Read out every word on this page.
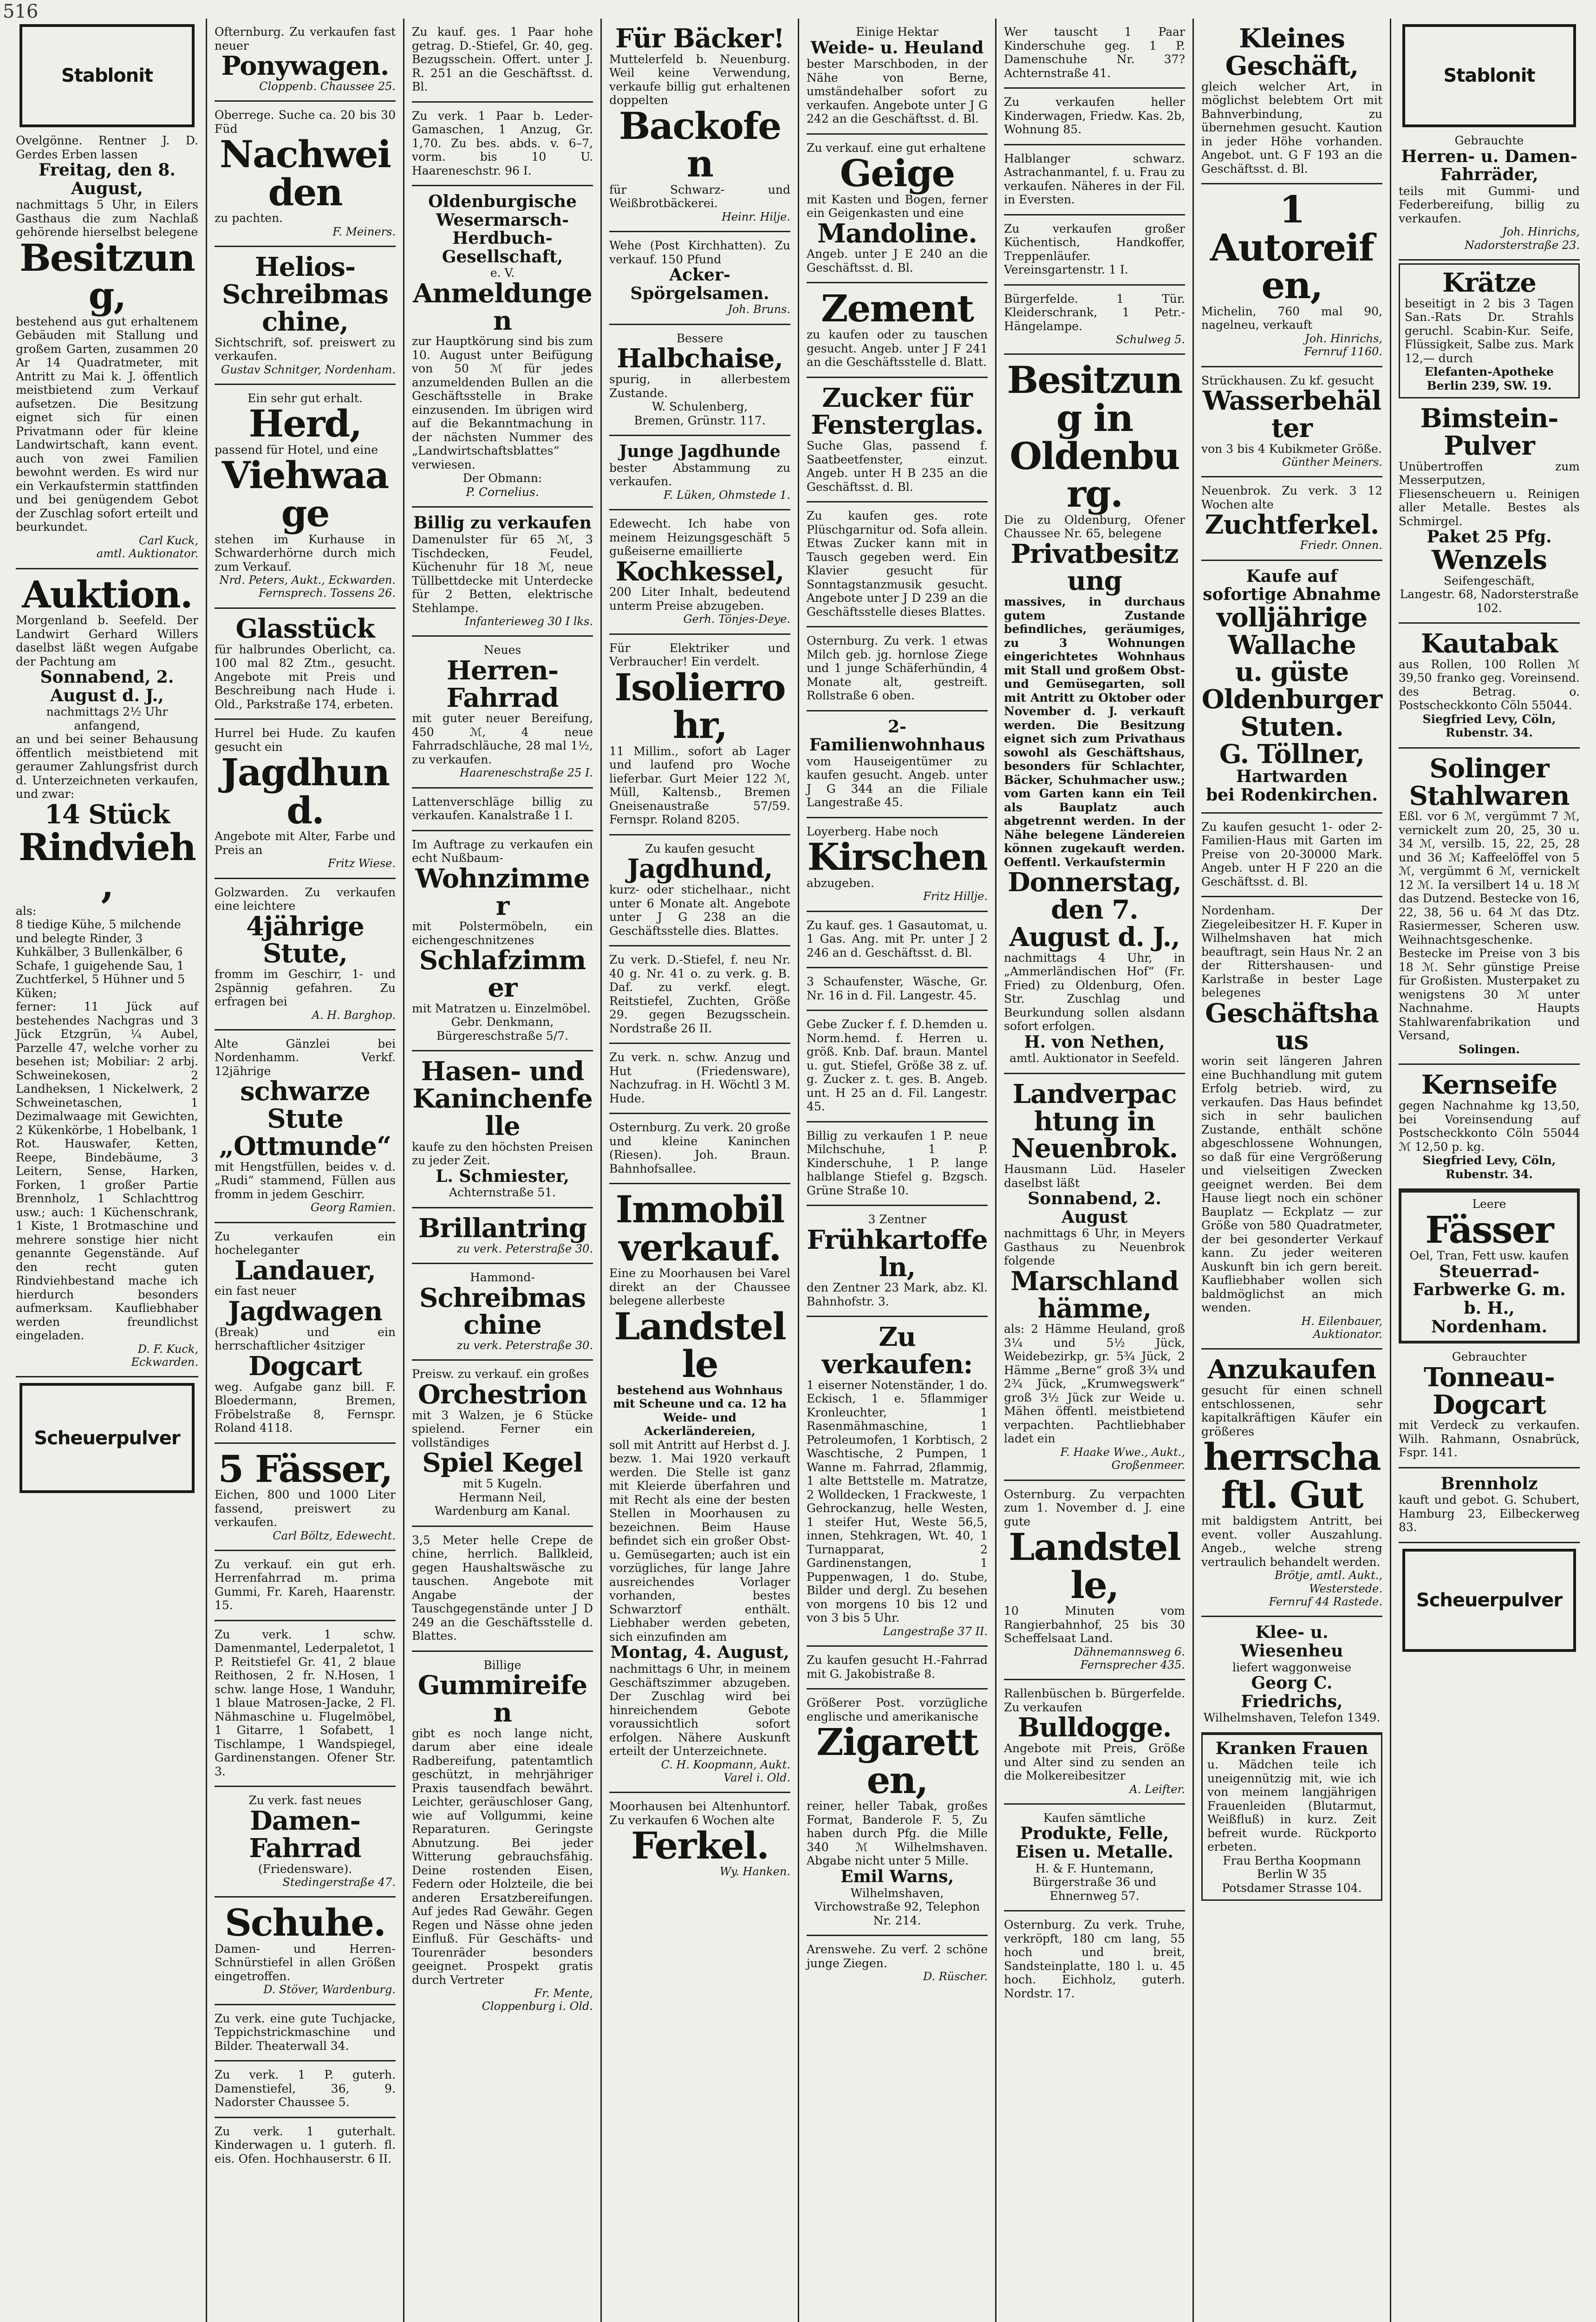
516
Stablonit
Ovelgönne. Rentner J. D. Gerdes Erben lassen
Freitag, den 8. August,
nachmittags 5 Uhr, in Eilers Gasthaus die zum Nachlaß gehörende hierselbst belegene
Besitzung,
bestehend aus gut erhaltenem Gebäuden mit Stallung und großem Garten, zusammen 20 Ar 14 Quadratmeter, mit Antritt zu Mai k. J. öffentlich meistbietend zum Verkauf aufsetzen. Die Besitzung eignet sich für einen Privatmann oder für kleine Landwirtschaft, kann event. auch von zwei Familien bewohnt werden. Es wird nur ein Verkaufstermin stattfinden und bei genügendem Gebot der Zuschlag sofort erteilt und beurkundet.
Carl Kuck,
amtl. Auktionator.
Auktion.
Morgenland b. Seefeld. Der Landwirt Gerhard Willers daselbst läßt wegen Aufgabe der Pachtung am
Sonnabend, 2. August d. J.,
nachmittags 2½ Uhr anfangend,
an und bei seiner Behausung öffentlich meistbietend mit geraumer Zahlungsfrist durch d. Unterzeichneten verkaufen, und zwar:
14 Stück
Rindvieh,
als:
8 tiedige Kühe, 5 milchende und belegte Rinder, 3 Kuhkälber, 3 Bullenkälber, 6 Schafe, 1 guigehende Sau, 1 Zuchtferkel, 5 Hühner und 5 Küken;
ferner: 11 Jück auf bestehendes Nachgras und 3 Jück Etzgrün, ¼ Aubel, Parzelle 47, welche vorher zu besehen ist; Mobiliar: 2 arbj. Schweinekosen, 2 Landheksen, 1 Nickelwerk, 2 Schweinetaschen, 1 Dezimalwaage mit Gewichten, 2 Kükenkörbe, 1 Hobelbank, 1 Rot. Hauswafer, Ketten, Reepe, Bindebäume, 3 Leitern, Sense, Harken, Forken, 1 großer Partie Brennholz, 1 Schlachttrog usw.; auch: 1 Küchenschrank, 1 Kiste, 1 Brotmaschine und mehrere sonstige hier nicht genannte Gegenstände. Auf den recht guten Rindviehbestand mache ich hierdurch besonders aufmerksam. Kaufliebhaber werden freundlichst eingeladen.
D. F. Kuck,
Eckwarden.
Scheuerpulver
Ofternburg. Zu verkaufen fast neuer
Ponywagen.
Cloppenb. Chaussee 25.
Oberrege. Suche ca. 20 bis 30 Füd
Nachweiden
zu pachten.
F. Meiners.
Helios-Schreibmaschine,
Sichtschrift, sof. preiswert zu verkaufen.
Gustav Schnitger, Nordenham.
Ein sehr gut erhalt.
Herd,
passend für Hotel, und eine
Viehwaage
stehen im Kurhause in Schwarderhörne durch mich zum Verkauf.
Nrd. Peters, Aukt., Eckwarden.
Fernsprech. Tossens 26.
Glasstück
für halbrundes Oberlicht, ca. 100 mal 82 Ztm., gesucht. Angebote mit Preis und Beschreibung nach Hude i. Old., Parkstraße 174, erbeten.
Hurrel bei Hude. Zu kaufen gesucht ein
Jagdhund.
Angebote mit Alter, Farbe und Preis an
Fritz Wiese.
Golzwarden. Zu verkaufen eine leichtere
4jährige Stute,
fromm im Geschirr, 1- und 2spännig gefahren. Zu erfragen bei
A. H. Barghop.
Alte Gänzlei bei Nordenhamm. Verkf. 12jährige
schwarze Stute
„Ottmunde“
mit Hengstfüllen, beides v. d. „Rudi“ stammend, Füllen aus fromm in jedem Geschirr.
Georg Ramien.
Zu verkaufen ein hocheleganter
Landauer,
ein fast neuer
Jagdwagen
(Break) und ein herrschaftlicher 4sitziger
Dogcart
weg. Aufgabe ganz bill. F. Bloedermann, Bremen, Fröbelstraße 8, Fernspr. Roland 4118.
5 Fässer,
Eichen, 800 und 1000 Liter fassend, preiswert zu verkaufen.
Carl Böltz, Edewecht.
Zu verkauf. ein gut erh. Herrenfahrrad m. prima Gummi, Fr. Kareh, Haarenstr. 15.
Zu verk. 1 schw. Damenmantel, Lederpaletot, 1 P. Reitstiefel Gr. 41, 2 blaue Reithosen, 2 fr. N.Hosen, 1 schw. lange Hose, 1 Wanduhr, 1 blaue Matrosen-Jacke, 2 Fl. Nähmaschine u. Flugelmöbel, 1 Gitarre, 1 Sofabett, 1 Tischlampe, 1 Wandspiegel, Gardinenstangen. Ofener Str. 3.
Zu verk. fast neues
Damen-Fahrrad
(Friedensware).
Stedingerstraße 47.
Schuhe.
Damen- und Herren-Schnürstiefel in allen Größen eingetroffen.
D. Stöver, Wardenburg.
Zu verk. eine gute Tuchjacke, Teppichstrickmaschine und Bilder. Theaterwall 34.
Zu verk. 1 P. guterh. Damenstiefel, 36, 9. Nadorster Chaussee 5.
Zu verk. 1 guterhalt. Kinderwagen u. 1 guterh. fl. eis. Ofen. Hochhauserstr. 6 II.
Zu kauf. ges. 1 Paar hohe getrag. D.-Stiefel, Gr. 40, geg. Bezugsschein. Offert. unter J. R. 251 an die Geschäftsst. d. Bl.
Zu verk. 1 Paar b. Leder-Gamaschen, 1 Anzug, Gr. 1,70. Zu bes. abds. v. 6–7, vorm. bis 10 U. Haareneschstr. 96 I.
Oldenburgische Wesermarsch-Herdbuch-Gesellschaft,
e. V.
Anmeldungen
zur Hauptkörung sind bis zum 10. August unter Beifügung von 50 ℳ für jedes anzumeldenden Bullen an die Geschäftsstelle in Brake einzusenden. Im übrigen wird auf die Bekanntmachung in der nächsten Nummer des „Landwirtschaftsblattes“ verwiesen.
Der Obmann:
P. Cornelius.
Billig zu verkaufen
Damenulster für 65 ℳ, 3 Tischdecken, Feudel, Küchenuhr für 18 ℳ, neue Tüllbettdecke mit Unterdecke für 2 Betten, elektrische Stehlampe.
Infanterieweg 30 I lks.
Neues
Herren-Fahrrad
mit guter neuer Bereifung, 450 ℳ, 4 neue Fahrradschläuche, 28 mal 1½, zu verkaufen.
Haareneschstraße 25 I.
Lattenverschläge billig zu verkaufen. Kanalstraße 1 I.
Im Auftrage zu verkaufen ein echt Nußbaum-
Wohnzimmer
mit Polstermöbeln, ein eichengeschnitzenes
Schlafzimmer
mit Matratzen u. Einzelmöbel.
Gebr. Denkmann,
Bürgereschstraße 5/7.
Hasen- und Kaninchenfelle
kaufe zu den höchsten Preisen zu jeder Zeit.
L. Schmiester,
Achternstraße 51.
Brillantring
zu verk. Peterstraße 30.
Hammond-
Schreibmaschine
zu verk. Peterstraße 30.
Preisw. zu verkauf. ein großes
Orchestrion
mit 3 Walzen, je 6 Stücke spielend. Ferner ein vollständiges
Spiel Kegel
mit 5 Kugeln.
Hermann Neil,
Wardenburg am Kanal.
3,5 Meter helle Crepe de chine, herrlich. Ballkleid, gegen Haushaltswäsche zu tauschen. Angebote mit Angabe der Tauschgegenstände unter J D 249 an die Geschäftsstelle d. Blattes.
Billige
Gummireifen
gibt es noch lange nicht, darum aber eine ideale Radbereifung, patentamtlich geschützt, in mehrjähriger Praxis tausendfach bewährt. Leichter, geräuschloser Gang, wie auf Vollgummi, keine Reparaturen. Geringste Abnutzung. Bei jeder Witterung gebrauchsfähig. Deine rostenden Eisen, Federn oder Holzteile, die bei anderen Ersatzbereifungen. Auf jedes Rad Gewähr. Gegen Regen und Nässe ohne jeden Einfluß. Für Geschäfts- und Tourenräder besonders geeignet. Prospekt gratis durch Vertreter
Fr. Mente,
Cloppenburg i. Old.
Für Bäcker!
Muttelerfeld b. Neuenburg. Weil keine Verwendung, verkaufe billig gut erhaltenen doppelten
Backofen
für Schwarz- und Weißbrotbäckerei.
Heinr. Hilje.
Wehe (Post Kirchhatten). Zu verkauf. 150 Pfund
Acker-Spörgelsamen.
Joh. Bruns.
Bessere
Halbchaise,
spurig, in allerbestem Zustande.
W. Schulenberg,
Bremen, Grünstr. 117.
Junge Jagdhunde
bester Abstammung zu verkaufen.
F. Lüken, Ohmstede 1.
Edewecht. Ich habe von meinem Heizungsgeschäft 5 gußeiserne emaillierte
Kochkessel,
200 Liter Inhalt, bedeutend unterm Preise abzugeben.
Gerh. Tönjes-Deye.
Für Elektriker und Verbraucher! Ein verdelt.
Isolierrohr,
11 Millim., sofort ab Lager und laufend pro Woche lieferbar. Gurt Meier 122 ℳ, Müll, Kaltensb., Bremen Gneisenaustraße 57/59. Fernspr. Roland 8205.
Zu kaufen gesucht
Jagdhund,
kurz- oder stichelhaar., nicht unter 6 Monate alt. Angebote unter J G 238 an die Geschäftsstelle dies. Blattes.
Zu verk. D.-Stiefel, f. neu Nr. 40 g. Nr. 41 o. zu verk. g. B. Daf. zu verkf. elegt. Reitstiefel, Zuchten, Größe 29. gegen Bezugsschein. Nordstraße 26 II.
Zu verk. n. schw. Anzug und Hut (Friedensware), Nachzufrag. in H. Wöchtl 3 M. Hude.
Osternburg. Zu verk. 20 große und kleine Kaninchen (Riesen). Joh. Braun. Bahnhofsallee.
Immobilverkauf.
Eine zu Moorhausen bei Varel direkt an der Chaussee belegene allerbeste
Landstelle
bestehend aus Wohnhaus mit Scheune und ca. 12 ha Weide- und Ackerländereien,
soll mit Antritt auf Herbst d. J. bezw. 1. Mai 1920 verkauft werden. Die Stelle ist ganz mit Kleierde überfahren und mit Recht als eine der besten Stellen in Moorhausen zu bezeichnen. Beim Hause befindet sich ein großer Obst- u. Gemüsegarten; auch ist ein vorzügliches, für lange Jahre ausreichendes Vorlager vorhanden, bestes Schwarztorf enthält. Liebhaber werden gebeten, sich einzufinden am
Montag, 4. August,
nachmittags 6 Uhr, in meinem Geschäftszimmer abzugeben. Der Zuschlag wird bei hinreichendem Gebote voraussichtlich sofort erfolgen. Nähere Auskunft erteilt der Unterzeichnete.
C. H. Koopmann, Aukt.
Varel i. Old.
Moorhausen bei Altenhuntorf. Zu verkaufen 6 Wochen alte
Ferkel.
Wy. Hanken.
Einige Hektar
Weide- u. Heuland
bester Marschboden, in der Nähe von Berne, umständehalber sofort zu verkaufen. Angebote unter J G 242 an die Geschäftsst. d. Bl.
Zu verkauf. eine gut erhaltene
Geige
mit Kasten und Bogen, ferner ein Geigenkasten und eine
Mandoline.
Angeb. unter J E 240 an die Geschäftsst. d. Bl.
Zement
zu kaufen oder zu tauschen gesucht. Angeb. unter J F 241 an die Geschäftsstelle d. Blatt.
Zucker für Fensterglas.
Suche Glas, passend f. Saatbeetfenster, einzut. Angeb. unter H B 235 an die Geschäftsst. d. Bl.
Zu kaufen ges. rote Plüschgarnitur od. Sofa allein. Etwas Zucker kann mit in Tausch gegeben werd. Ein Klavier gesucht für Sonntagstanzmusik gesucht. Angebote unter J D 239 an die Geschäftsstelle dieses Blattes.
Osternburg. Zu verk. 1 etwas Milch geb. jg. hornlose Ziege und 1 junge Schäferhündin, 4 Monate alt, gestreift. Rollstraße 6 oben.
2-Familienwohnhaus
vom Hauseigentümer zu kaufen gesucht. Angeb. unter J G 344 an die Filiale Langestraße 45.
Loyerberg. Habe noch
Kirschen
abzugeben.
Fritz Hillje.
Zu kauf. ges. 1 Gasautomat, u. 1 Gas. Ang. mit Pr. unter J 2 246 an d. Geschäftsst. d. Bl.
3 Schaufenster, Wäsche, Gr. Nr. 16 in d. Fil. Langestr. 45.
Gebe Zucker f. f. D.hemden u. Norm.hemd. f. Herren u. größ. Knb. Daf. braun. Mantel u. gut. Stiefel, Größe 38 z. uf. g. Zucker z. t. ges. B. Angeb. unt. H 25 an d. Fil. Langestr. 45.
Billig zu verkaufen 1 P. neue Milchschuhe, 1 P. Kinderschuhe, 1 P. lange halblange Stiefel g. Bzgsch. Grüne Straße 10.
3 Zentner
Frühkartoffeln,
den Zentner 23 Mark, abz. Kl. Bahnhofstr. 3.
Zu verkaufen:
1 eiserner Notenständer, 1 do. Eckisch, 1 e. 5flammiger Kronleuchter, 1 Rasenmähmaschine, 1 Petroleumofen, 1 Korbtisch, 2 Waschtische, 2 Pumpen, 1 Wanne m. Fahrrad, 2flammig, 1 alte Bettstelle m. Matratze, 2 Wolldecken, 1 Frackweste, 1 Gehrockanzug, helle Westen, 1 steifer Hut, Weste 56,5, innen, Stehkragen, Wt. 40, 1 Turnapparat, 2 Gardinenstangen, 1 Puppenwagen, 1 do. Stube, Bilder und dergl. Zu besehen von morgens 10 bis 12 und von 3 bis 5 Uhr.
Langestraße 37 II.
Zu kaufen gesucht H.-Fahrrad mit G. Jakobistraße 8.
Größerer Post. vorzügliche englische und amerikanische
Zigaretten,
reiner, heller Tabak, großes Format, Banderole F. 5, Zu haben durch Pfg. die Mille 340 ℳ Wilhelmshaven. Abgabe nicht unter 5 Mille.
Emil Warns,
Wilhelmshaven, Virchowstraße 92, Telephon Nr. 214.
Arenswehe. Zu verf. 2 schöne junge Ziegen.
D. Rüscher.
Wer tauscht 1 Paar Kinderschuhe geg. 1 P. Damenschuhe Nr. 37? Achternstraße 41.
Zu verkaufen heller Kinderwagen, Friedw. Kas. 2b, Wohnung 85.
Halblanger schwarz. Astrachanmantel, f. u. Frau zu verkaufen. Näheres in der Fil. in Eversten.
Zu verkaufen großer Küchentisch, Handkoffer, Treppenläufer. Vereinsgartenstr. 1 I.
Bürgerfelde. 1 Tür. Kleiderschrank, 1 Petr.-Hängelampe.
Schulweg 5.
Besitzung in Oldenburg.
Die zu Oldenburg, Ofener Chaussee Nr. 65, belegene
Privatbesitzung
massives, in durchaus gutem Zustande befindliches, geräumiges, zu 3 Wohnungen eingerichtetes Wohnhaus mit Stall und großem Obst- und Gemüsegarten, soll mit Antritt zu Oktober oder November d. J. verkauft werden. Die Besitzung eignet sich zum Privathaus sowohl als Geschäftshaus, besonders für Schlachter, Bäcker, Schuhmacher usw.; vom Garten kann ein Teil als Bauplatz auch abgetrennt werden. In der Nähe belegene Ländereien können zugekauft werden. Oeffentl. Verkaufstermin
Donnerstag, den 7. August d. J.,
nachmittags 4 Uhr, in „Ammerländischen Hof“ (Fr. Fried) zu Oldenburg, Ofen. Str. Zuschlag und Beurkundung sollen alsdann sofort erfolgen.
H. von Nethen,
amtl. Auktionator in Seefeld.
Landverpachtung in Neuenbrok.
Hausmann Lüd. Haseler daselbst läßt
Sonnabend, 2. August
nachmittags 6 Uhr, in Meyers Gasthaus zu Neuenbrok folgende
Marschlandhämme,
als: 2 Hämme Heuland, groß 3¼ und 5½ Jück, Weidebezirkp, gr. 5¾ Jück, 2 Hämme „Berne“ groß 3¾ und 2¾ Jück, „Krumwegswerk“ groß 3½ Jück zur Weide u. Mähen öffentl. meistbietend verpachten. Pachtliebhaber ladet ein
F. Haake Wwe., Aukt.,
Großenmeer.
Osternburg. Zu verpachten zum 1. November d. J. eine gute
Landstelle,
10 Minuten vom Rangierbahnhof, 25 bis 30 Scheffelsaat Land.
Dähnemannsweg 6. Fernsprecher 435.
Rallenbüschen b. Bürgerfelde. Zu verkaufen
Bulldogge.
Angebote mit Preis, Größe und Alter sind zu senden an die Molkereibesitzer
A. Leifter.
Kaufen sämtliche
Produkte, Felle, Eisen u. Metalle.
H. & F. Huntemann,
Bürgerstraße 36 und Ehnernweg 57.
Osternburg. Zu verk. Truhe, verkröpft, 180 cm lang, 55 hoch und breit, Sandsteinplatte, 180 l. u. 45 hoch. Eichholz, guterh. Nordstr. 17.
Kleines Geschäft,
gleich welcher Art, in möglichst belebtem Ort mit Bahnverbindung, zu übernehmen gesucht. Kaution in jeder Höhe vorhanden. Angebot. unt. G F 193 an die Geschäftsst. d. Bl.
1 Autoreifen,
Michelin, 760 mal 90, nagelneu, verkauft
Joh. Hinrichs,
Fernruf 1160.
Strückhausen. Zu kf. gesucht
Wasserbehälter
von 3 bis 4 Kubikmeter Größe.
Günther Meiners.
Neuenbrok. Zu verk. 3 12 Wochen alte
Zuchtferkel.
Friedr. Onnen.
Kaufe auf sofortige Abnahme
volljährige Wallache
u. güste Oldenburger Stuten.
G. Töllner,
Hartwarden
bei Rodenkirchen.
Zu kaufen gesucht 1- oder 2-Familien-Haus mit Garten im Preise von 20-30000 Mark. Angeb. unter H F 220 an die Geschäftsst. d. Bl.
Nordenham. Der Ziegeleibesitzer H. F. Kuper in Wilhelmshaven hat mich beauftragt, sein Haus Nr. 2 an der Rittershausen- und Karlstraße in bester Lage belegenes
Geschäftshaus
worin seit längeren Jahren eine Buchhandlung mit gutem Erfolg betrieb. wird, zu verkaufen. Das Haus befindet sich in sehr baulichen Zustande, enthält schöne abgeschlossene Wohnungen, so daß für eine Vergrößerung und vielseitigen Zwecken geeignet werden. Bei dem Hause liegt noch ein schöner Bauplatz — Eckplatz — zur Größe von 580 Quadratmeter, der bei gesonderter Verkauf kann. Zu jeder weiteren Auskunft bin ich gern bereit. Kaufliebhaber wollen sich baldmöglichst an mich wenden.
H. Eilenbauer,
Auktionator.
Anzukaufen
gesucht für einen schnell entschlossenen, sehr kapitalkräftigen Käufer ein größeres
herrschaftl. Gut
mit baldigstem Antritt, bei event. voller Auszahlung. Angeb., welche streng vertraulich behandelt werden.
Brötje, amtl. Aukt., Westerstede.
Fernruf 44 Rastede.
Klee- u. Wiesenheu
liefert waggonweise
Georg C. Friedrichs,
Wilhelmshaven, Telefon 1349.
Kranken Frauen
u. Mädchen teile ich uneigennützig mit, wie ich von meinem langjährigen Frauenleiden (Blutarmut, Weißfluß) in kurz. Zeit befreit wurde. Rückporto erbeten.
Frau Bertha Koopmann
Berlin W 35
Potsdamer Strasse 104.
Stablonit
Gebrauchte
Herren- u. Damen-Fahrräder,
teils mit Gummi- und Federbereifung, billig zu verkaufen.
Joh. Hinrichs,
Nadorsterstraße 23.
Krätze
beseitigt in 2 bis 3 Tagen San.-Rats Dr. Strahls geruchl. Scabin-Kur. Seife, Flüssigkeit, Salbe zus. Mark 12,— durch
Elefanten-Apotheke Berlin 239, SW. 19.
Bimstein-Pulver
Unübertroffen zum Messerputzen, Fliesenscheuern u. Reinigen aller Metalle. Bestes als Schmirgel.
Paket 25 Pfg.
Wenzels
Seifengeschäft,
Langestr. 68, Nadorsterstraße 102.
Kautabak
aus Rollen, 100 Rollen ℳ 39,50 franko geg. Voreinsend. des Betrag. o. Postscheckkonto Cöln 55044.
Siegfried Levy, Cöln, Rubenstr. 34.
Solinger Stahlwaren
Eßl. vor 6 ℳ, vergümmt 7 ℳ, vernickelt zum 20, 25, 30 u. 34 ℳ, versilb. 15, 22, 25, 28 und 36 ℳ; Kaffeelöffel von 5 ℳ, vergümmt 6 ℳ, vernickelt 12 ℳ. Ia versilbert 14 u. 18 ℳ das Dutzend. Bestecke von 16, 22, 38, 56 u. 64 ℳ das Dtz. Rasiermesser, Scheren usw. Weihnachtsgeschenke. Bestecke im Preise von 3 bis 18 ℳ. Sehr günstige Preise für Großisten. Musterpaket zu wenigstens 30 ℳ unter Nachnahme. Haupts Stahlwarenfabrikation und Versand,
Solingen.
Kernseife
gegen Nachnahme kg 13,50, bei Voreinsendung auf Postscheckkonto Cöln 55044 ℳ 12,50 p. kg.
Siegfried Levy, Cöln, Rubenstr. 34.
Leere
Fässer
Oel, Tran, Fett usw. kaufen
Steuerrad-Farbwerke G. m. b. H., Nordenham.
Gebrauchter
Tonneau-Dogcart
mit Verdeck zu verkaufen. Wilh. Rahmann, Osnabrück, Fspr. 141.
Brennholz
kauft und gebot. G. Schubert, Hamburg 23, Eilbeckerweg 83.
Scheuerpulver
